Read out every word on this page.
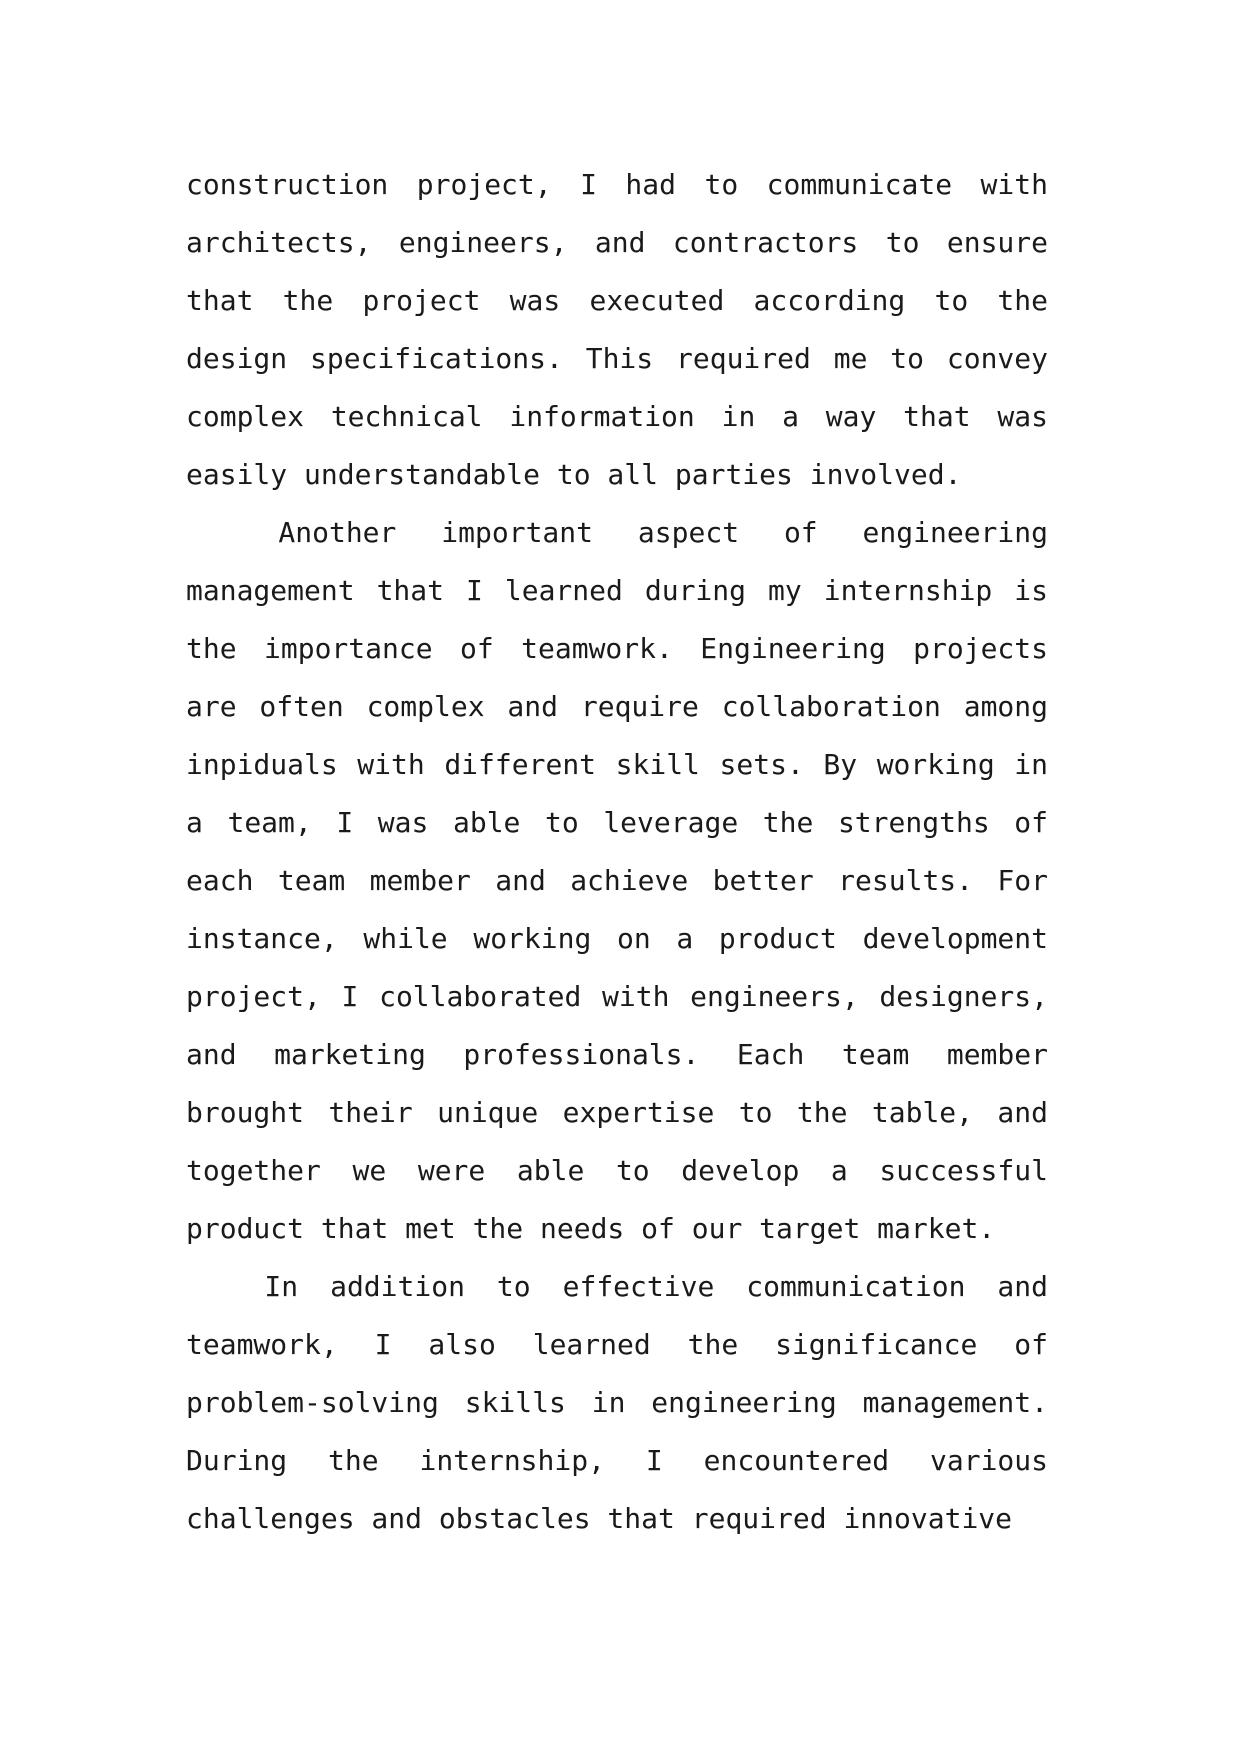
construction project, I had to communicate with architects, engineers, and contractors to ensure that the project was executed according to the design specifications. This required me to convey complex technical information in a way that was easily understandable to all parties involved.

Another important aspect of engineering management that I learned during my internship is the importance of teamwork. Engineering projects are often complex and require collaboration among inpiduals with different skill sets. By working in a team, I was able to leverage the strengths of each team member and achieve better results. For instance, while working on a product development project, I collaborated with engineers, designers, and marketing professionals. Each team member brought their unique expertise to the table, and together we were able to develop a successful product that met the needs of our target market.

In addition to effective communication and teamwork, I also learned the significance of problem-solving skills in engineering management. During the internship, I encountered various challenges and obstacles that required innovative
